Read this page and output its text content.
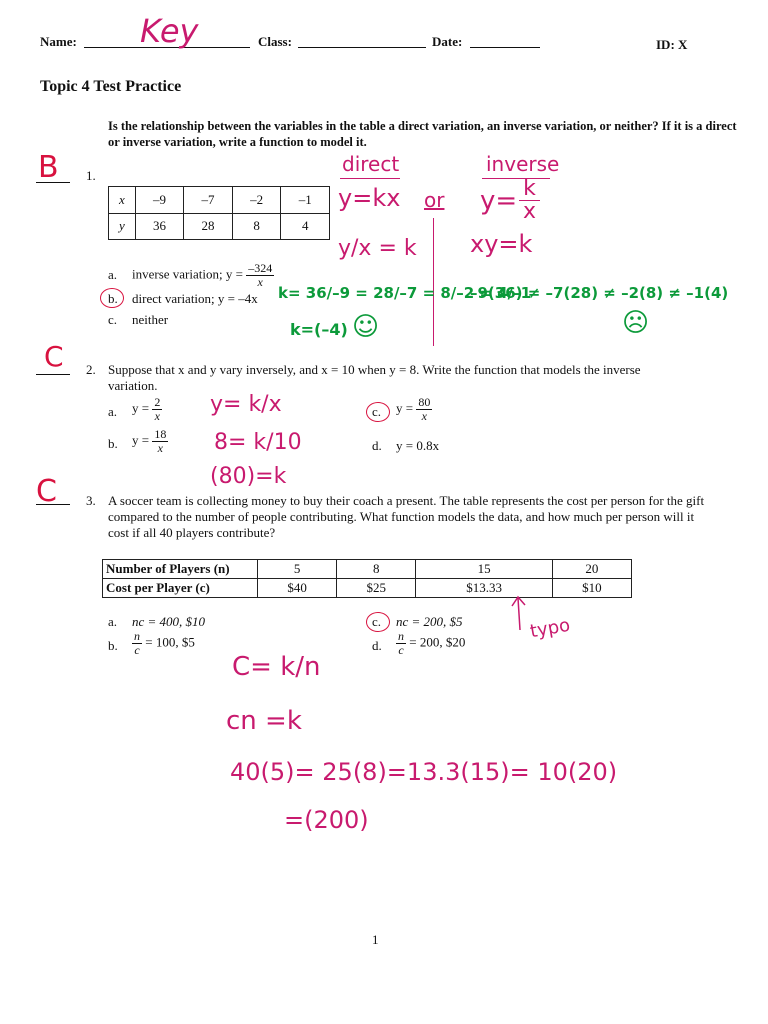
Name: Key	Class:	Date:	ID: X
Topic 4 Test Practice
Is the relationship between the variables in the table a direct variation, an inverse variation, or neither? If it is a direct or inverse variation, write a function to model it.
B 1.
x	–9	–7	–2	–1
y	36	28	8	4
a. inverse variation; $y = \frac{-324}{x}$
b. direct variation; y = –4x
c. neither
direct
y=kx or
y/x = k
inverse
$y= \frac{k}{x}$
xy=k
k= 36/–9 = 28/–7 = 8/–2 = 4/–1
k=(–4) ☺
–9(36) ≠ –7(28) ≠ –2(8) ≠ –1(4)
☹
C 2. Suppose that x and y vary inversely, and x = 10 when y = 8. Write the function that models the inverse variation.
a. $y = \frac{2}{x}$
b. $y = \frac{18}{x}$
c. $y = \frac{80}{x}$
d. y = 0.8x
y= k/x
8= k/10
(80)=k
C 3. A soccer team is collecting money to buy their coach a present. The table represents the cost per person for the gift compared to the number of people contributing. What function models the data, and how much per person will it cost if all 40 players contribute?
Number of Players (n)	5	8	15	20
Cost per Player (c)	$40	$25	$13.33	$10
a. nc = 400, $10
b. $\frac{n}{c} = 100$, $5
c. nc = 200, $5
d. $\frac{n}{c} = 200$, $20	typo
C= k/n
cn =k
40(5)= 25(8)=13.3(15)= 10(20)
=(200)
1
